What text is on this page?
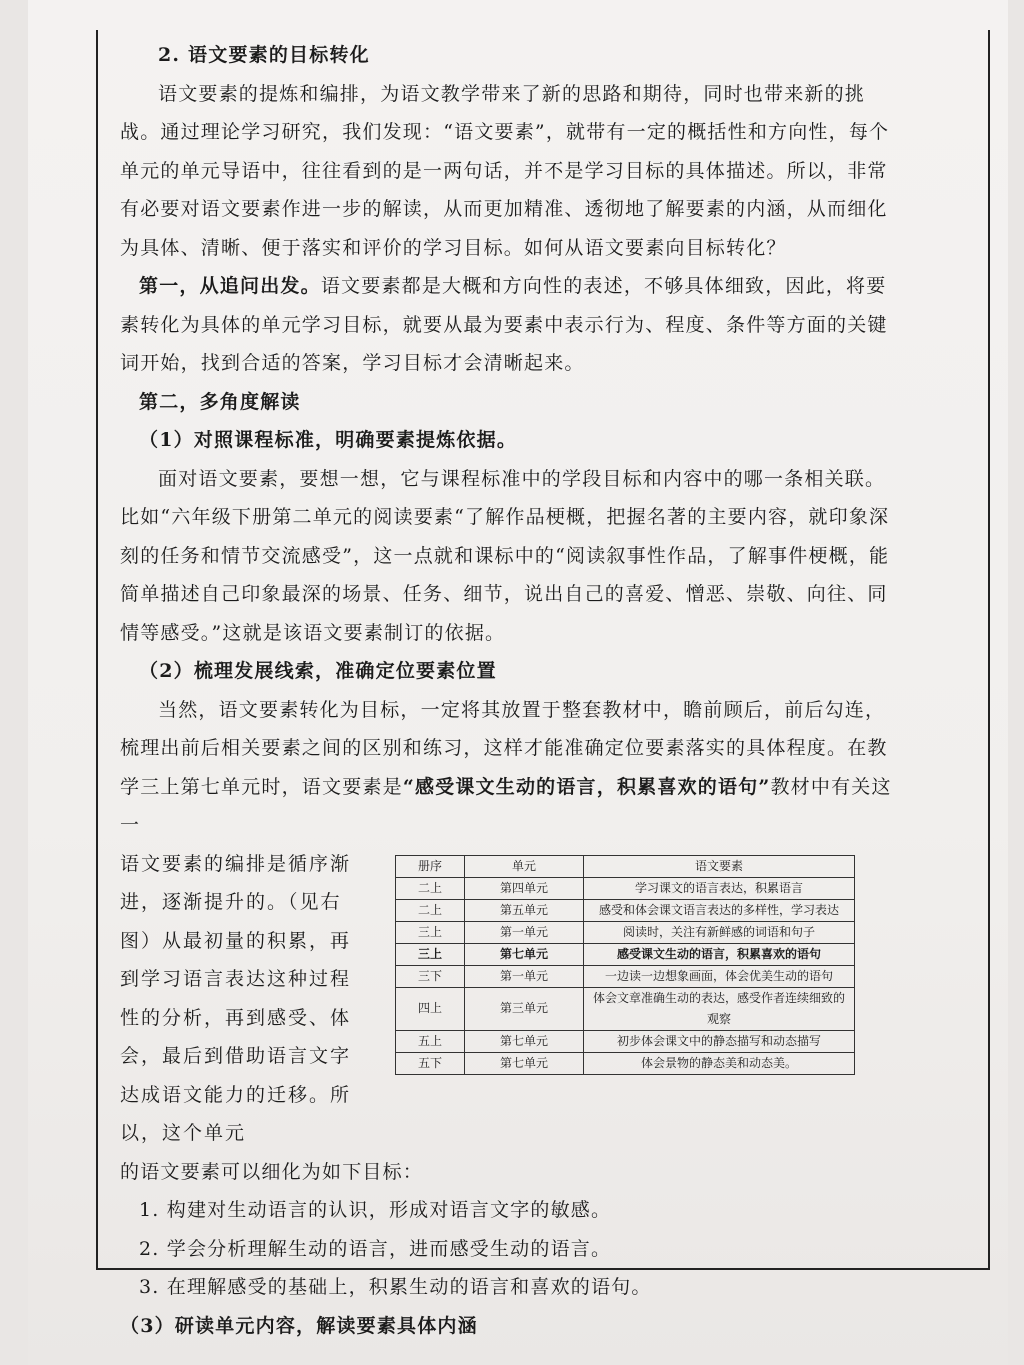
2. 语文要素的目标转化

语文要素的提炼和编排，为语文教学带来了新的思路和期待，同时也带来新的挑战。通过理论学习研究，我们发现：“语文要素”，就带有一定的概括性和方向性，每个单元的单元导语中，往往看到的是一两句话，并不是学习目标的具体描述。所以，非常有必要对语文要素作进一步的解读，从而更加精准、透彻地了解要素的内涵，从而细化为具体、清晰、便于落实和评价的学习目标。如何从语文要素向目标转化？

第一，从追问出发。语文要素都是大概和方向性的表述，不够具体细致，因此，将要素转化为具体的单元学习目标，就要从最为要素中表示行为、程度、条件等方面的关键词开始，找到合适的答案，学习目标才会清晰起来。

第二，多角度解读

（1）对照课程标准，明确要素提炼依据。

面对语文要素，要想一想，它与课程标准中的学段目标和内容中的哪一条相关联。比如“六年级下册第二单元的阅读要素“了解作品梗概，把握名著的主要内容，就印象深刻的任务和情节交流感受”，这一点就和课标中的“阅读叙事性作品，了解事件梗概，能简单描述自己印象最深的场景、任务、细节，说出自己的喜爱、憎恶、崇敬、向往、同情等感受。”这就是该语文要素制订的依据。

（2）梳理发展线索，准确定位要素位置

当然，语文要素转化为目标，一定将其放置于整套教材中，瞻前顾后，前后勾连，梳理出前后相关要素之间的区别和练习，这样才能准确定位要素落实的具体程度。在教学三上第七单元时，语文要素是“感受课文生动的语言，积累喜欢的语句”教材中有关这一

语文要素的编排是循序渐进，逐渐提升的。（见右图）从最初量的积累，再到学习语言表达这种过程性的分析，再到感受、体会，最后到借助语言文字达成语文能力的迁移。所以，这个单元

册序	单元	语文要素
二上	第四单元	学习课文的语言表达，积累语言
二上	第五单元	感受和体会课文语言表达的多样性，学习表达
三上	第一单元	阅读时，关注有新鲜感的词语和句子
三上	第七单元	感受课文生动的语言，积累喜欢的语句
三下	第一单元	一边读一边想象画面，体会优美生动的语句
四上	第三单元	体会文章准确生动的表达，感受作者连续细致的观察
五上	第七单元	初步体会课文中的静态描写和动态描写
五下	第七单元	体会景物的静态美和动态美。

的语文要素可以细化为如下目标：

1. 构建对生动语言的认识，形成对语言文字的敏感。

2. 学会分析理解生动的语言，进而感受生动的语言。

3. 在理解感受的基础上，积累生动的语言和喜欢的语句。

（3）研读单元内容，解读要素具体内涵
